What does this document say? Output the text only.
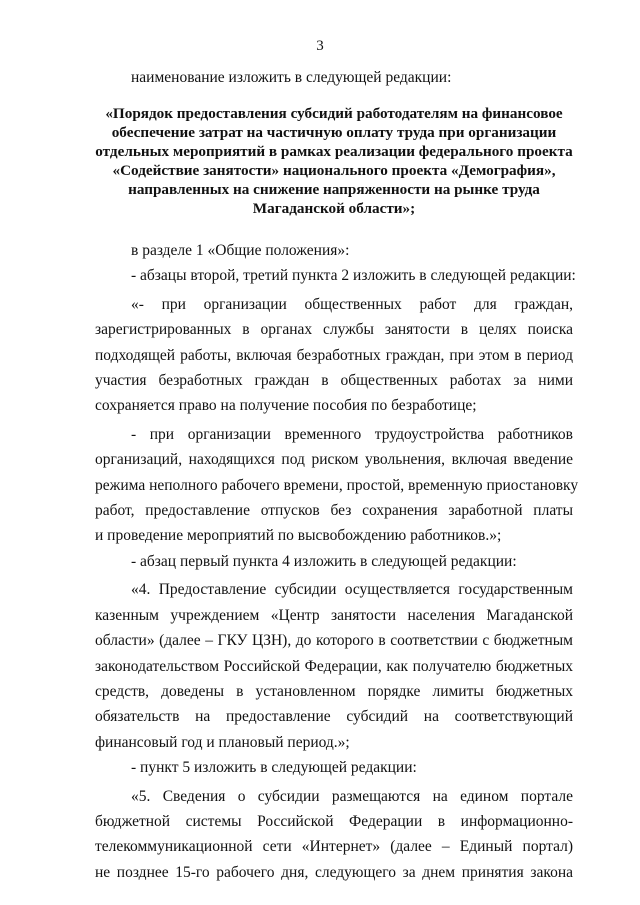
3
наименование изложить в следующей редакции:
«Порядок предоставления субсидий работодателям на финансовое
обеспечение затрат на частичную оплату труда при организации
отдельных мероприятий в рамках реализации федерального проекта
«Содействие занятости» национального проекта «Демография»,
направленных на снижение напряженности на рынке труда
Магаданской области»;
в разделе 1 «Общие положения»:
- абзацы второй, третий пункта 2 изложить в следующей редакции:
«- при организации общественных работ для граждан,
зарегистрированных в органах службы занятости в целях поиска
подходящей работы, включая безработных граждан, при этом в период
участия безработных граждан в общественных работах за ними
сохраняется право на получение пособия по безработице;
- при организации временного трудоустройства работников
организаций, находящихся под риском увольнения, включая введение
режима неполного рабочего времени, простой, временную приостановку
работ, предоставление отпусков без сохранения заработной платы
и проведение мероприятий по высвобождению работников.»;
- абзац первый пункта 4 изложить в следующей редакции:
«4. Предоставление субсидии осуществляется государственным
казенным учреждением «Центр занятости населения Магаданской
области» (далее – ГКУ ЦЗН), до которого в соответствии с бюджетным
законодательством Российской Федерации, как получателю бюджетных
средств, доведены в установленном порядке лимиты бюджетных
обязательств на предоставление субсидий на соответствующий
финансовый год и плановый период.»;
- пункт 5 изложить в следующей редакции:
«5. Сведения о субсидии размещаются на едином портале
бюджетной системы Российской Федерации в информационно-
телекоммуникационной сети «Интернет» (далее – Единый портал)
не позднее 15-го рабочего дня, следующего за днем принятия закона
